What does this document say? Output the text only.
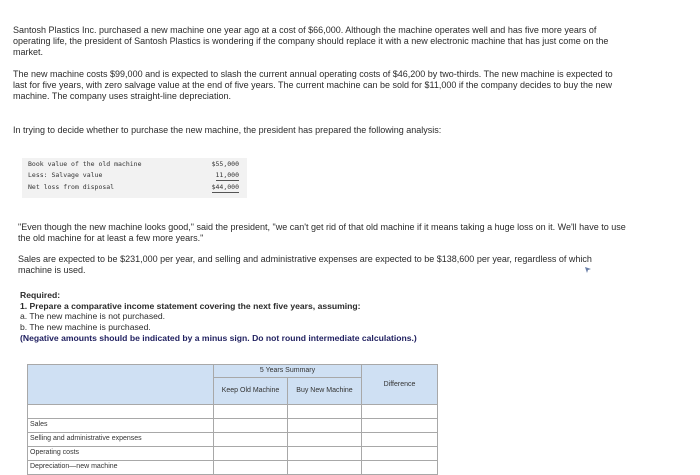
Santosh Plastics Inc. purchased a new machine one year ago at a cost of $66,000. Although the machine operates well and has five more years of operating life, the president of Santosh Plastics is wondering if the company should replace it with a new electronic machine that has just come on the market.

The new machine costs $99,000 and is expected to slash the current annual operating costs of $46,200 by two-thirds. The new machine is expected to last for five years, with zero salvage value at the end of five years. The current machine can be sold for $11,000 if the company decides to buy the new machine. The company uses straight-line depreciation.

In trying to decide whether to purchase the new machine, the president has prepared the following analysis:

Book value of the old machine	$55,000
Less: Salvage value	11,000
Net loss from disposal	$44,000

"Even though the new machine looks good," said the president, "we can't get rid of that old machine if it means taking a huge loss on it. We'll have to use the old machine for at least a few more years."

Sales are expected to be $231,000 per year, and selling and administrative expenses are expected to be $138,600 per year, regardless of which machine is used.

Required:

1. Prepare a comparative income statement covering the next five years, assuming:

a. The new machine is not purchased.

b. The new machine is purchased.

(Negative amounts should be indicated by a minus sign. Do not round intermediate calculations.)

	5 Years Summary		Difference
	Keep Old Machine	Buy New Machine	

Sales			
Selling and administrative expenses			
Operating costs			
Depreciation—new machine			
